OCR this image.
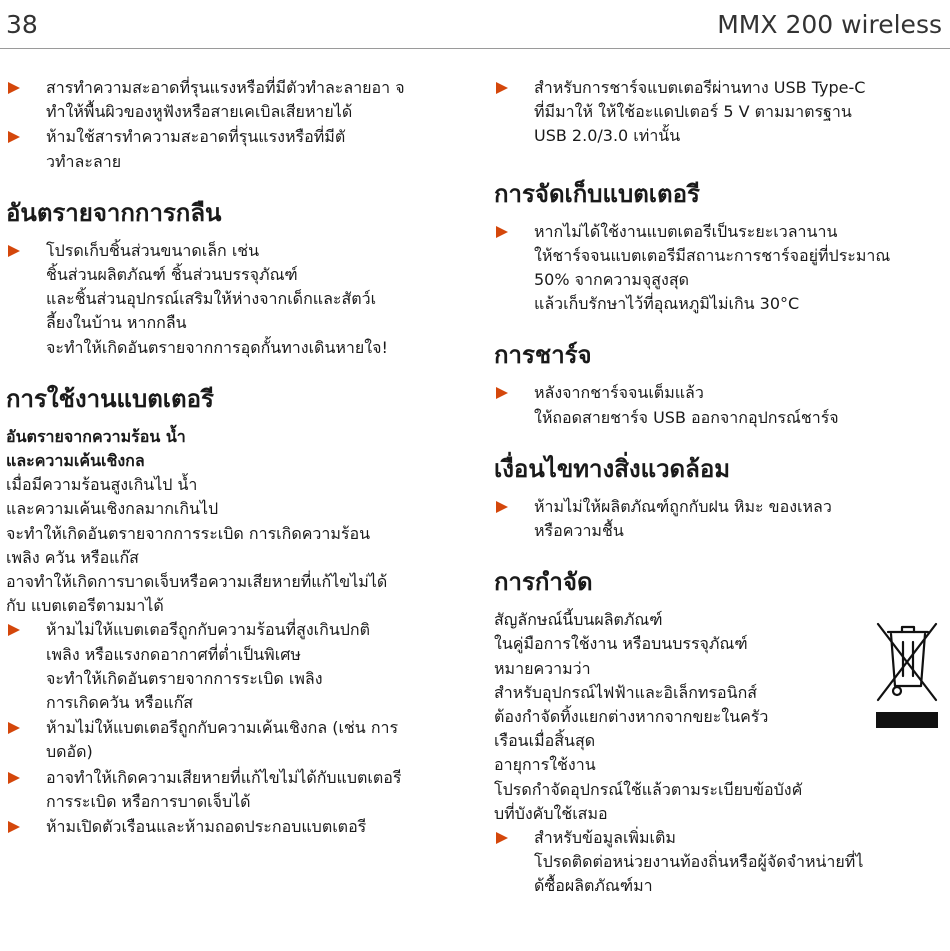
38	MMX 200 wireless
สารทำความสะอาดที่รุนแรงหรือที่มีตัวทำละลายอา จ
ทำให้พื้นผิวของหูฟังหรือสายเคเบิลเสียหายได้
ห้ามใช้สารทำความสะอาดที่รุนแรงหรือที่มีตั
วทำละลาย
อันตรายจากการกลืน
โปรดเก็บชิ้นส่วนขนาดเล็ก เช่น
ชิ้นส่วนผลิตภัณฑ์ ชิ้นส่วนบรรจุภัณฑ์
และชิ้นส่วนอุปกรณ์เสริมให้ห่างจากเด็กและสัตว์เ
ลี้ยงในบ้าน หากกลืน
จะทำให้เกิดอันตรายจากการอุดกั้นทางเดินหายใจ!
การใช้งานแบตเตอรี
อันตรายจากความร้อน น้ำ
และความเค้นเชิงกล

เมื่อมีความร้อนสูงเกินไป น้ำ
และความเค้นเชิงกลมากเกินไป
จะทำให้เกิดอันตรายจากการระเบิด การเกิดความร้อน
เพลิง ควัน หรือแก๊ส
อาจทำให้เกิดการบาดเจ็บหรือความเสียหายที่แก้ไขไม่ได้
กับ แบตเตอรีตามมาได้

ห้ามไม่ให้แบตเตอรีถูกกับความร้อนที่สูงเกินปกติ
เพลิง หรือแรงกดอากาศที่ต่ำเป็นพิเศษ
จะทำให้เกิดอันตรายจากการระเบิด เพลิง
การเกิดควัน หรือแก๊ส
ห้ามไม่ให้แบตเตอรีถูกกับความเค้นเชิงกล (เช่น การ
บดอัด)
อาจทำให้เกิดความเสียหายที่แก้ไขไม่ได้กับแบตเตอรี
การระเบิด หรือการบาดเจ็บได้
ห้ามเปิดตัวเรือนและห้ามถอดประกอบแบตเตอรี
สำหรับการชาร์จแบตเตอรีผ่านทาง USB Type-C
ที่มีมาให้ ให้ใช้อะแดปเตอร์ 5 V ตามมาตรฐาน
USB 2.0/3.0 เท่านั้น
การจัดเก็บแบตเตอรี
หากไม่ได้ใช้งานแบตเตอรีเป็นระยะเวลานาน
ให้ชาร์จจนแบตเตอรีมีสถานะการชาร์จอยู่ที่ประมาณ
50% จากความจุสูงสุด
แล้วเก็บรักษาไว้ที่อุณหภูมิไม่เกิน 30°C
การชาร์จ
หลังจากชาร์จจนเต็มแล้ว
ให้ถอดสายชาร์จ USB ออกจากอุปกรณ์ชาร์จ
เงื่อนไขทางสิ่งแวดล้อม
ห้ามไม่ให้ผลิตภัณฑ์ถูกกับฝน หิมะ ของเหลว
หรือความชื้น
การกำจัด

สัญลักษณ์นี้บนผลิตภัณฑ์
ในคู่มือการใช้งาน หรือบนบรรจุภัณฑ์
หมายความว่า
สำหรับอุปกรณ์ไฟฟ้าและอิเล็กทรอนิกส์
ต้องกำจัดทิ้งแยกต่างหากจากขยะในครัว
เรือนเมื่อสิ้นสุด
อายุการใช้งาน
โปรดกำจัดอุปกรณ์ใช้แล้วตามระเบียบข้อบังคั
บที่บังคับใช้เสมอ

สำหรับข้อมูลเพิ่มเติม
โปรดติดต่อหน่วยงานท้องถิ่นหรือผู้จัดจำหน่ายที่ไ
ด้ซื้อผลิตภัณฑ์มา
